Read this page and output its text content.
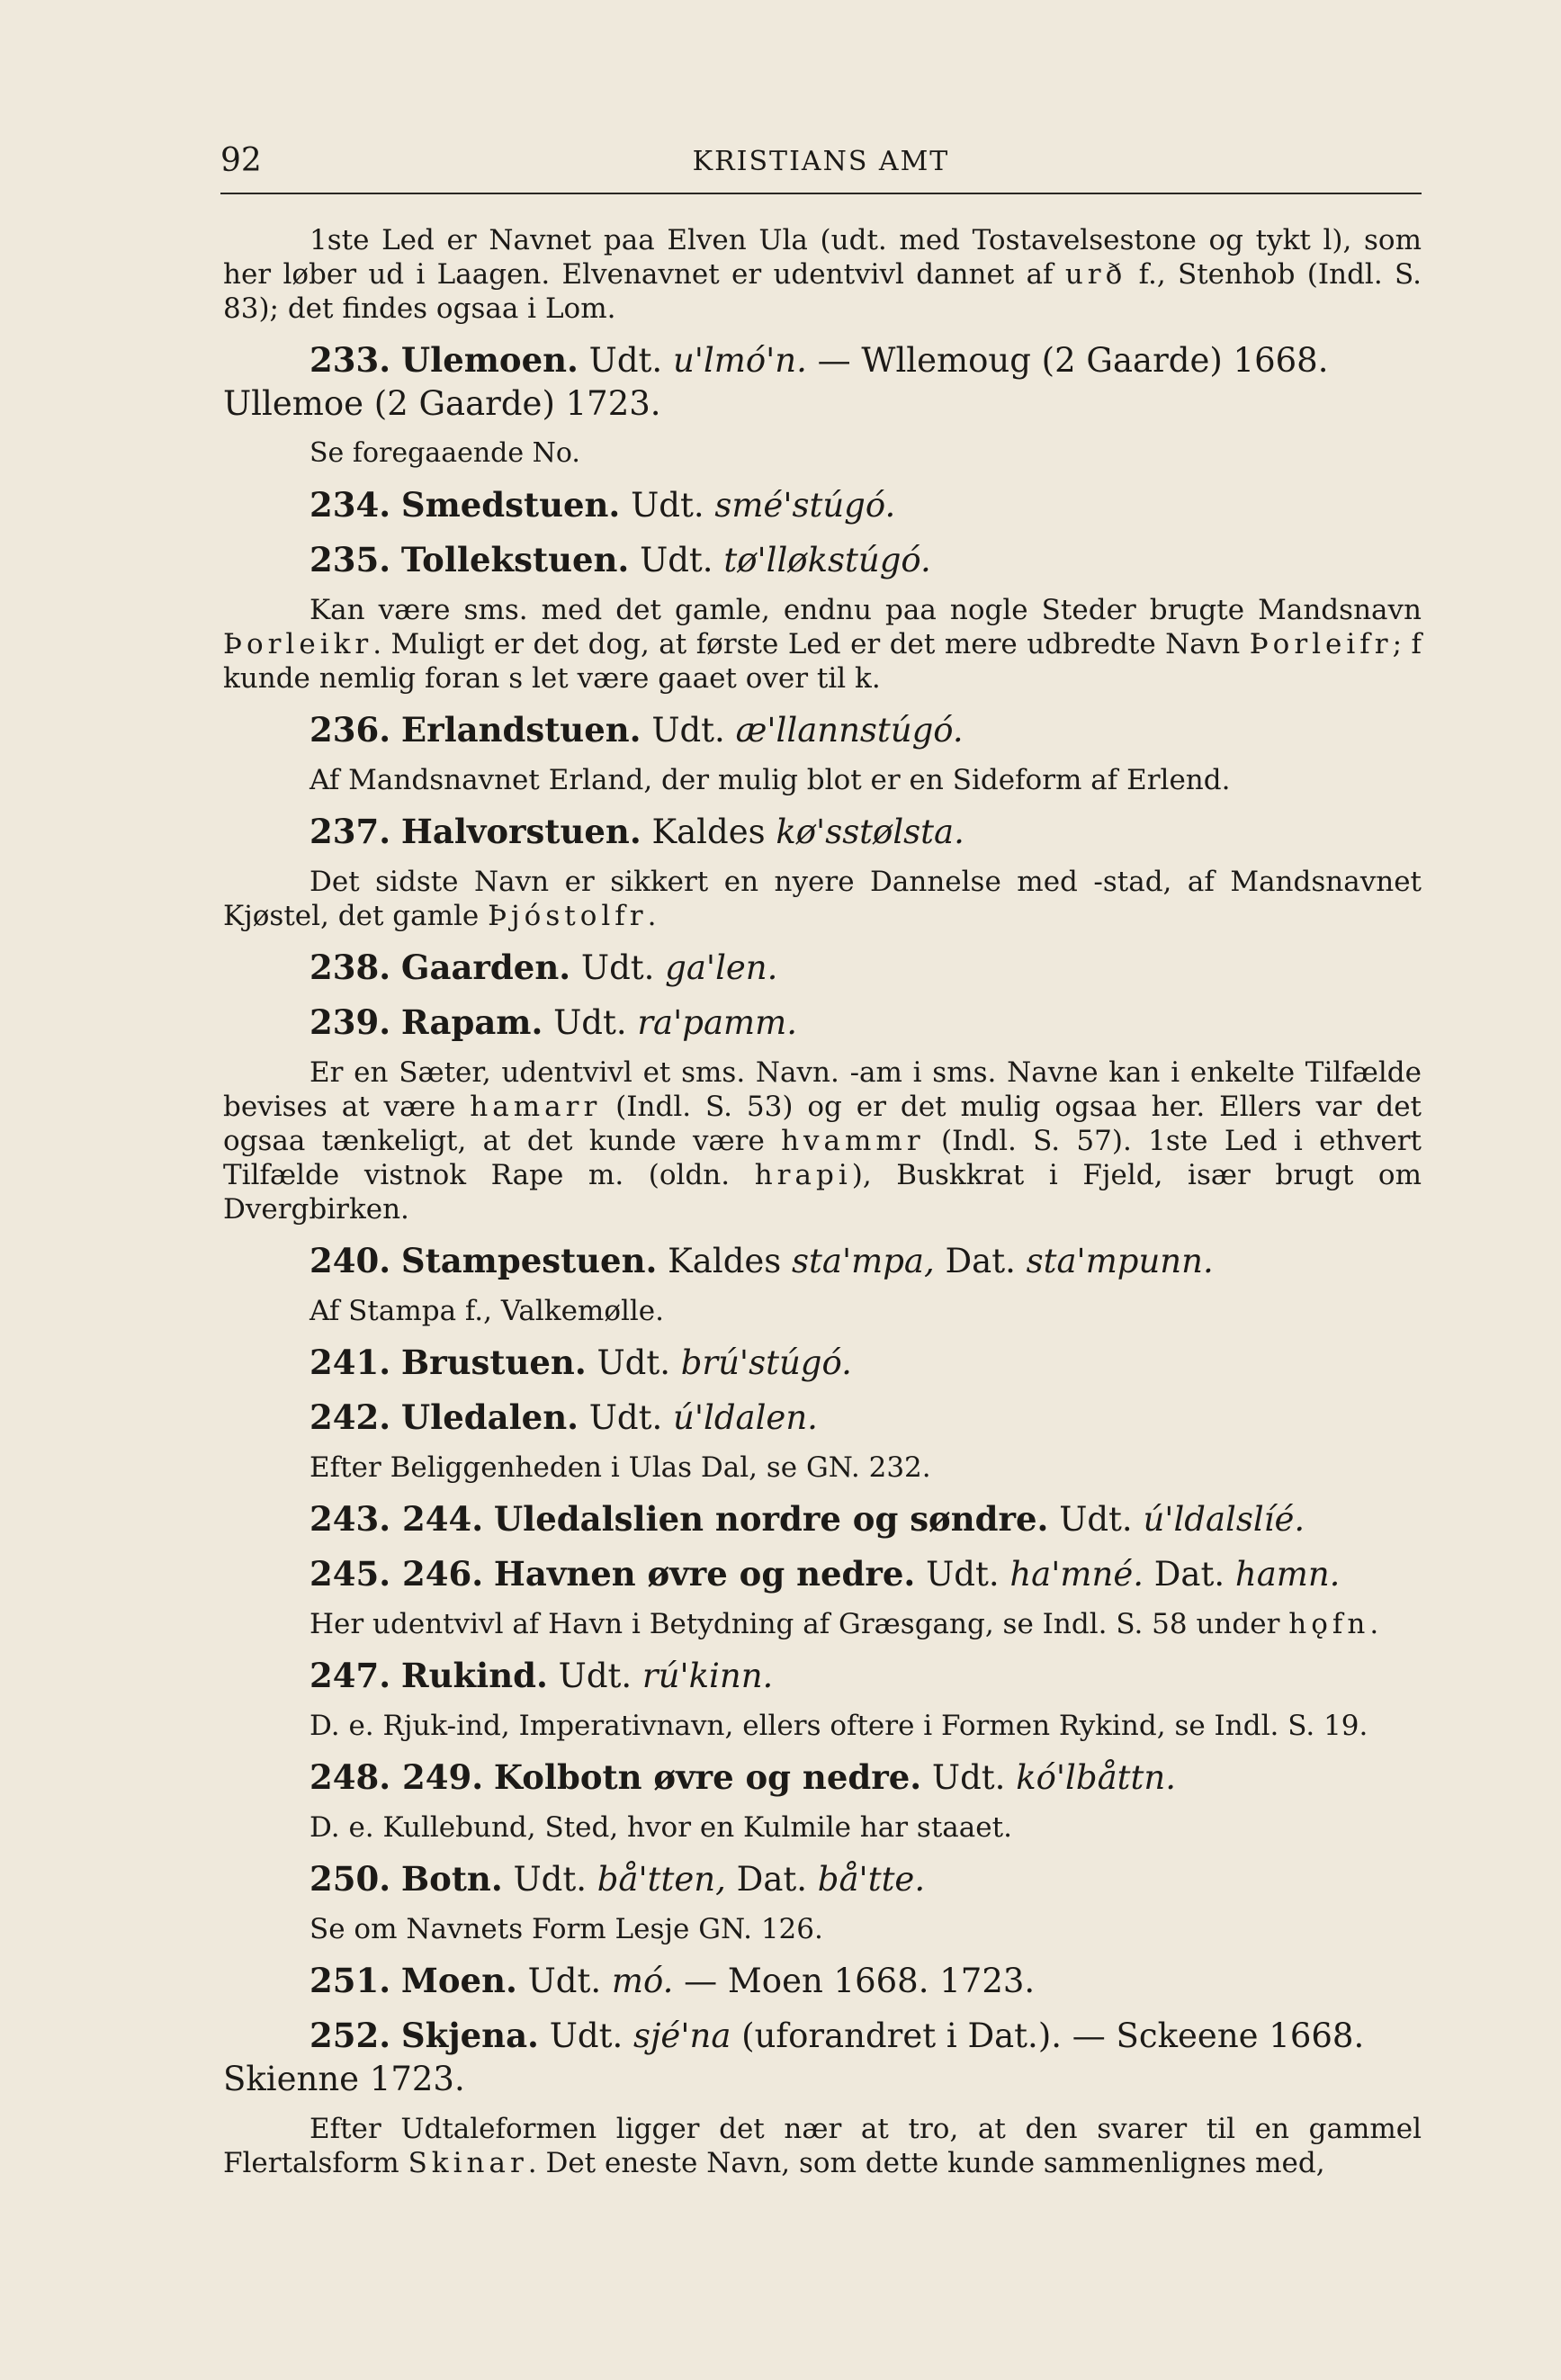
92	KRISTIANS AMT

1ste Led er Navnet paa Elven Ula (udt. med Tostavelsestone og tykt l), som her løber ud i Laagen. Elvenavnet er udentvivl dannet af urð f., Stenhob (Indl. S. 83); det findes ogsaa i Lom.

233. Ulemoen. Udt. u'lmó'n. — Wllemoug (2 Gaarde) 1668. Ullemoe (2 Gaarde) 1723.

Se foregaaende No.

234. Smedstuen. Udt. smé'stúgó.

235. Tollekstuen. Udt. tø'lløkstúgó.

Kan være sms. med det gamle, endnu paa nogle Steder brugte Mandsnavn Þorleikr. Muligt er det dog, at første Led er det mere udbredte Navn Þorleifr; f kunde nemlig foran s let være gaaet over til k.

236. Erlandstuen. Udt. æ'llannstúgó.

Af Mandsnavnet Erland, der mulig blot er en Sideform af Erlend.

237. Halvorstuen. Kaldes kø'sstølsta.

Det sidste Navn er sikkert en nyere Dannelse med -stad, af Mandsnavnet Kjøstel, det gamle Þjóstolfr.

238. Gaarden. Udt. ga'len.

239. Rapam. Udt. ra'pamm.

Er en Sæter, udentvivl et sms. Navn. -am i sms. Navne kan i enkelte Tilfælde bevises at være hamarr (Indl. S. 53) og er det mulig ogsaa her. Ellers var det ogsaa tænkeligt, at det kunde være hvammr (Indl. S. 57). 1ste Led i ethvert Tilfælde vistnok Rape m. (oldn. hrapi), Buskkrat i Fjeld, især brugt om Dvergbirken.

240. Stampestuen. Kaldes sta'mpa, Dat. sta'mpunn.

Af Stampa f., Valkemølle.

241. Brustuen. Udt. brú'stúgó.

242. Uledalen. Udt. ú'ldalen.

Efter Beliggenheden i Ulas Dal, se GN. 232.

243. 244. Uledalslien nordre og søndre. Udt. ú'ldalslíé.

245. 246. Havnen øvre og nedre. Udt. ha'mné. Dat. hamn.

Her udentvivl af Havn i Betydning af Græsgang, se Indl. S. 58 under hǫfn.

247. Rukind. Udt. rú'kinn.

D. e. Rjuk-ind, Imperativnavn, ellers oftere i Formen Rykind, se Indl. S. 19.

248. 249. Kolbotn øvre og nedre. Udt. kó'lbåttn.

D. e. Kullebund, Sted, hvor en Kulmile har staaet.

250. Botn. Udt. bå'tten, Dat. bå'tte.

Se om Navnets Form Lesje GN. 126.

251. Moen. Udt. mó. — Moen 1668. 1723.

252. Skjena. Udt. sjé'na (uforandret i Dat.). — Sckeene 1668. Skienne 1723.

Efter Udtaleformen ligger det nær at tro, at den svarer til en gammel Flertalsform Skinar. Det eneste Navn, som dette kunde sammenlignes med,
